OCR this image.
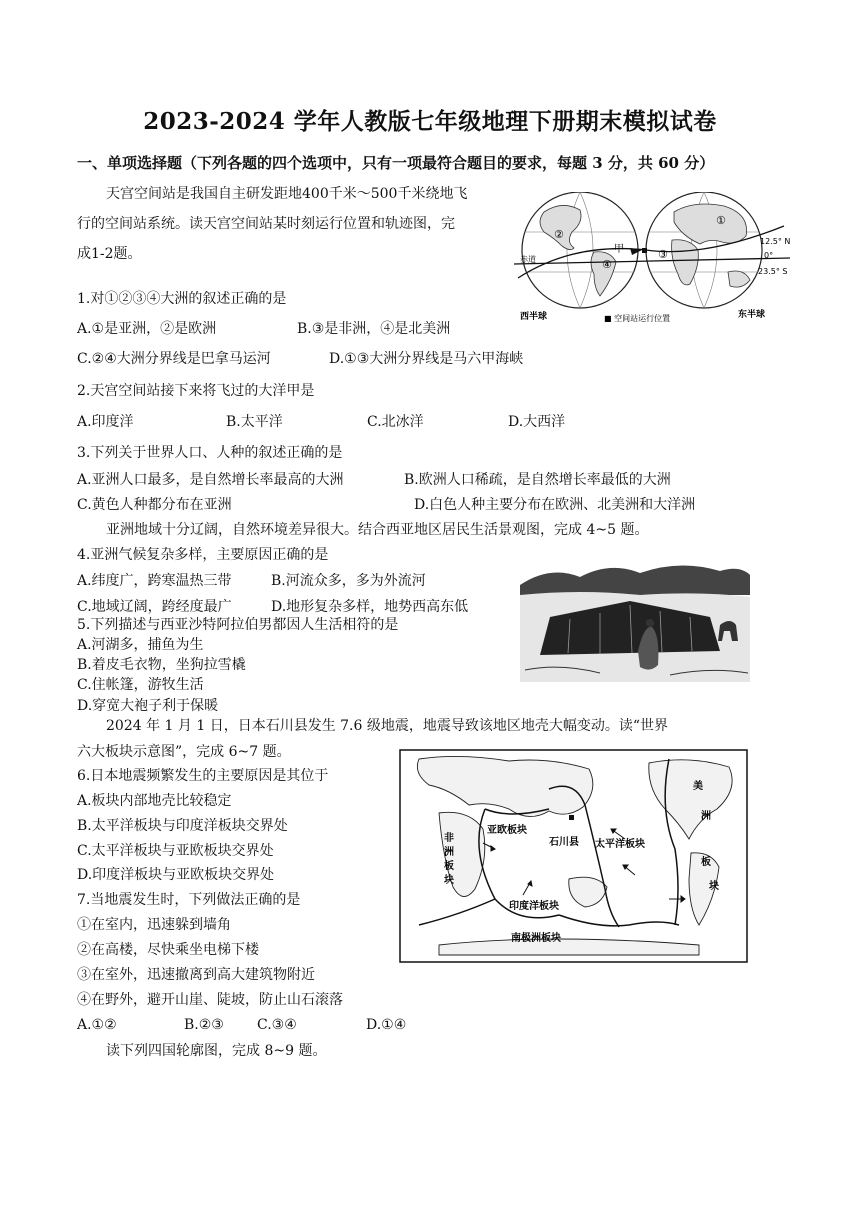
2023-2024 学年人教版七年级地理下册期末模拟试卷
一、单项选择题（下列各题的四个选项中，只有一项最符合题目的要求，每题 3 分，共 60 分）
天宫空间站是我国自主研发距地400千米～500千米绕地飞
行的空间站系统。读天宫空间站某时刻运行位置和轨迹图，完
成1-2题。
1.对①②③④大洲的叙述正确的是
A.①是亚洲，②是欧洲	B.③是非洲，④是北美洲
C.②④大洲分界线是巴拿马运河	D.①③大洲分界线是马六甲海峡
2.天宫空间站接下来将飞过的大洋甲是
A.印度洋	B.太平洋	C.北冰洋	D.大西洋
3.下列关于世界人口、人种的叙述正确的是
A.亚洲人口最多，是自然增长率最高的大洲	B.欧洲人口稀疏，是自然增长率最低的大洲
C.黄色人种都分布在亚洲	D.白色人种主要分布在欧洲、北美洲和大洋洲
亚洲地域十分辽阔，自然环境差异很大。结合西亚地区居民生活景观图，完成 4~5 题。
4.亚洲气候复杂多样，主要原因正确的是
A.纬度广，跨寒温热三带	B.河流众多，多为外流河
C.地域辽阔，跨经度最广	D.地形复杂多样，地势西高东低
5.下列描述与西亚沙特阿拉伯男都因人生活相符的是
A.河湖多，捕鱼为生
B.着皮毛衣物，坐狗拉雪橇
C.住帐篷，游牧生活
D.穿宽大袍子利于保暖
2024 年 1 月 1 日，日本石川县发生 7.6 级地震，地震导致该地区地壳大幅变动。读“世界
六大板块示意图”，完成 6~7 题。
6.日本地震频繁发生的主要原因是其位于
A.板块内部地壳比较稳定
B.太平洋板块与印度洋板块交界处
C.太平洋板块与亚欧板块交界处
D.印度洋板块与亚欧板块交界处
7.当地震发生时，下列做法正确的是
①在室内，迅速躲到墙角
②在高楼，尽快乘坐电梯下楼
③在室外，迅速撤离到高大建筑物附近
④在野外，避开山崖、陡坡，防止山石滚落
A.①②	B.②③ C.③④	D.①④
读下列四国轮廓图，完成 8~9 题。
①
②
③
④
甲
赤道
12.5° N
0°
23.5° S
西半球	东半球
■ 空间站运行位置
亚欧板块
石川县 太平洋板块
非
洲
板
块
印度洋板块
南极洲板块
美
洲
板
块
